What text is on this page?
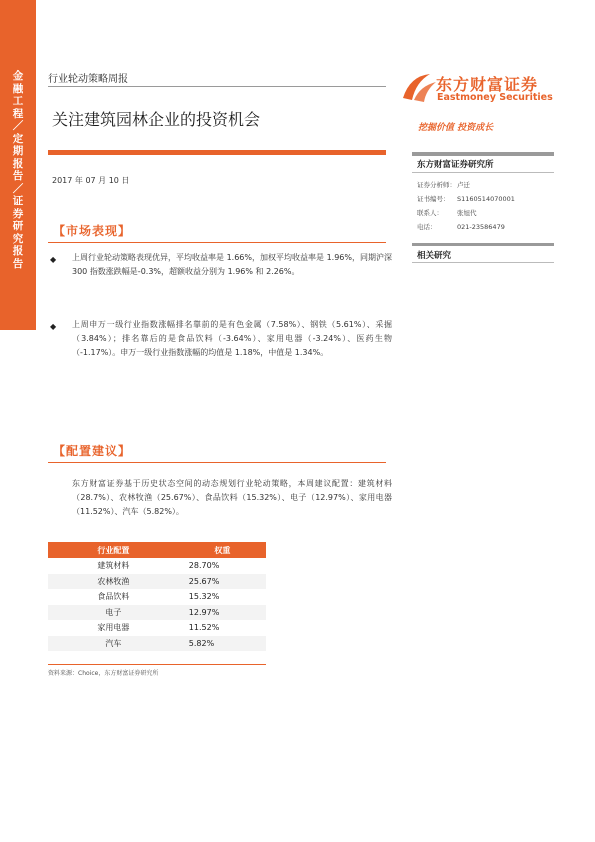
金融工程／定期报告／证券研究报告
行业轮动策略周报
关注建筑园林企业的投资机会
2017 年 07 月 10 日
东方财富证券
Eastmoney Securities
挖掘价值 投资成长
东方财富证券研究所
证券分析师：卢迁
证书编号： S1160514070001
联系人： 张旭代
电话：	021-23586479
相关研究
【市场表现】
◆ 上周行业轮动策略表现优异，平均收益率是 1.66%，加权平均收益率是 1.96%，同期沪深 300 指数涨跌幅是-0.3%，超额收益分别为 1.96% 和 2.26%。
◆ 上周申万一级行业指数涨幅排名靠前的是有色金属（7.58%）、钢铁（5.61%）、采掘（3.84%）；排名靠后的是食品饮料（-3.64%）、家用电器（-3.24%）、医药生物（-1.17%）。申万一级行业指数涨幅的均值是 1.18%，中值是 1.34%。
【配置建议】
东方财富证券基于历史状态空间的动态规划行业轮动策略，本周建议配置：建筑材料（28.7%）、农林牧渔（25.67%）、食品饮料（15.32%）、电子（12.97%）、家用电器（11.52%）、汽车（5.82%）。
行业配置	权重
建筑材料	28.70%
农林牧渔	25.67%
食品饮料	15.32%
电子	12.97%
家用电器	11.52%
汽车	5.82%
资料来源：Choice，东方财富证券研究所
